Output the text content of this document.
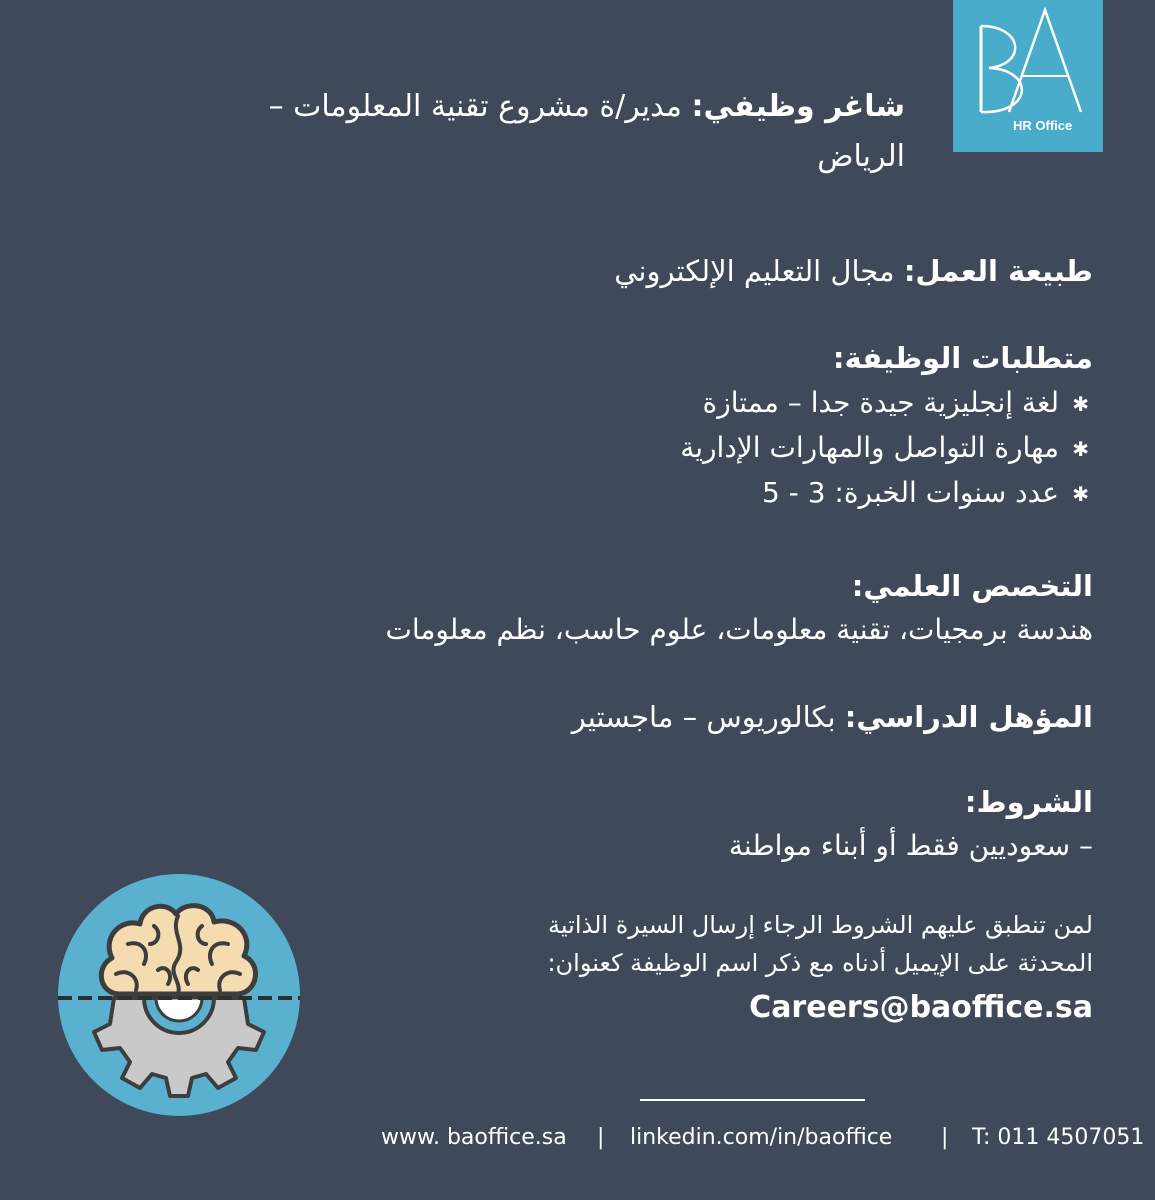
HR Office
شاغر وظيفي: مدير/ة مشروع تقنية المعلومات – الرياض
طبيعة العمل: مجال التعليم الإلكتروني
متطلبات الوظيفة:
✱
لغة إنجليزية جيدة جدا – ممتازة
✱
مهارة التواصل والمهارات الإدارية
✱
عدد سنوات الخبرة: 3 - 5
التخصص العلمي:
هندسة برمجيات، تقنية معلومات، علوم حاسب، نظم معلومات
المؤهل الدراسي: بكالوريوس – ماجستير
الشروط:
– سعوديين فقط أو أبناء مواطنة
لمن تنطبق عليهم الشروط الرجاء إرسال السيرة الذاتية
المحدثة على الإيميل أدناه مع ذكر اسم الوظيفة كعنوان:
Careers@baoffice.sa
www. baoffice.sa | linkedin.com/in/baoffice | T: 011 4507051
